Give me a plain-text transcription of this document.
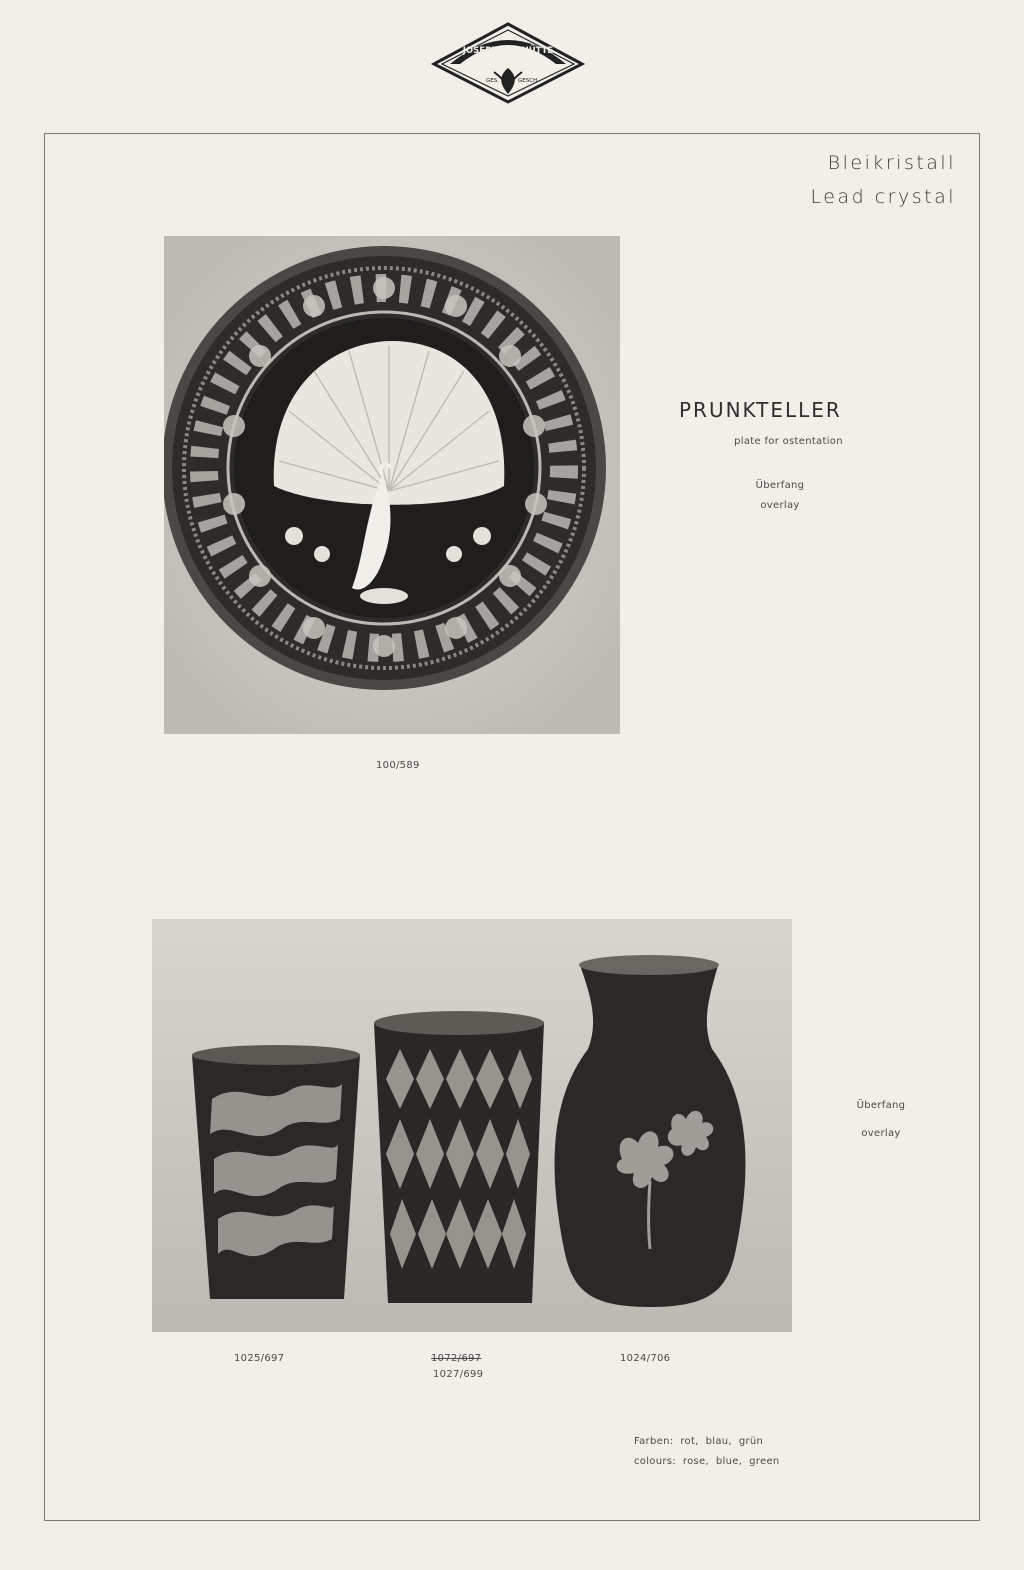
JOSEPHINENHÜTTE
GES.	GESCH.
Bleikristall
Lead crystal
100/589
PRUNKTELLER
plate for ostentation
Überfang
overlay
Überfang
overlay
1025/697	1072/697
1027/699
1024/706
Farben:  rot,  blau,  grün
colours:  rose,  blue,  green
